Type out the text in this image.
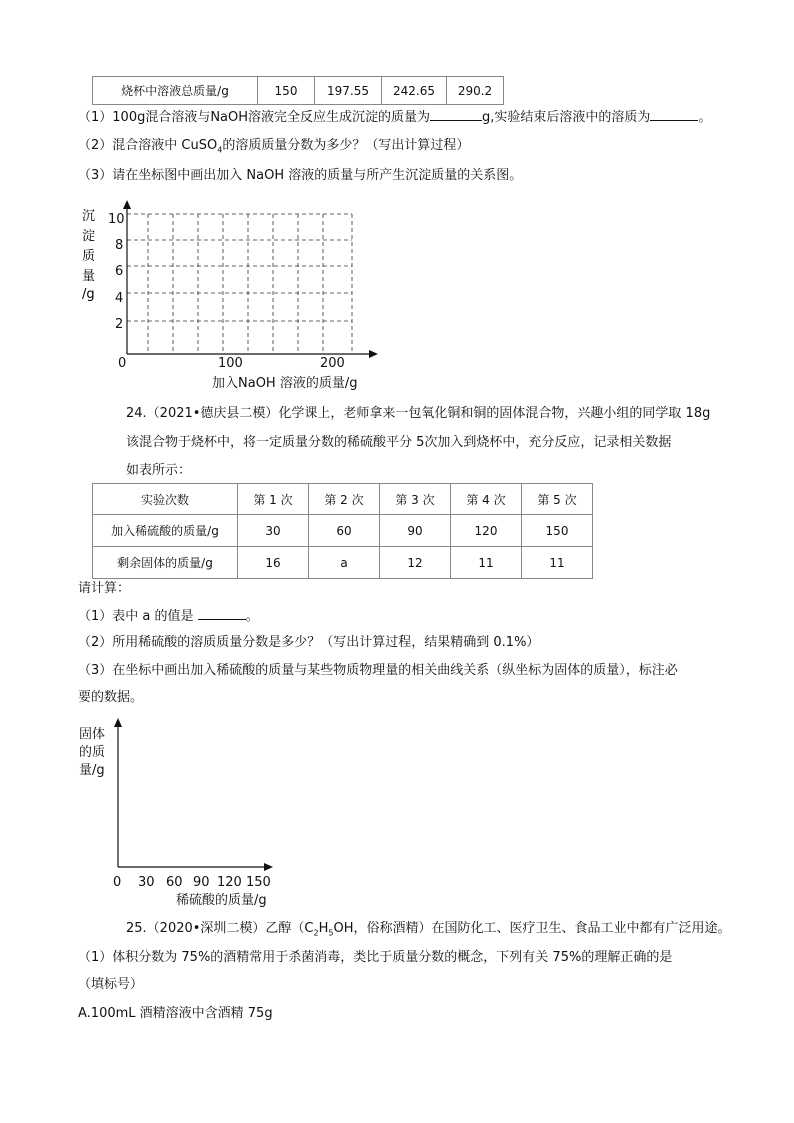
烧杯中溶液总质量/g	150	197.55	242.65	290.2
（1）100g混合溶液与NaOH溶液完全反应生成沉淀的质量为	g,实验结束后溶液中的溶质为	。
（2）混合溶液中 CuSO$_4$的溶质质量分数为多少？（写出计算过程）
（3）请在坐标图中画出加入 NaOH 溶液的质量与所产生沉淀质量的关系图。
沉
淀
质
量
/g
10
8
6
4
2
0	100	200
加入NaOH 溶液的质量/g
24.（2021•德庆县二模）化学课上，老师拿来一包氧化铜和铜的固体混合物，兴趣小组的同学取 18g
该混合物于烧杯中，将一定质量分数的稀硫酸平分 5次加入到烧杯中，充分反应，记录相关数据
如表所示：
实验次数	第 1 次	第 2 次	第 3 次	第 4 次	第 5 次
加入稀硫酸的质量/g	30	60	90	120	150
剩余固体的质量/g	16	a	12	11	11
请计算：
（1）表中 a 的值是	。
（2）所用稀硫酸的溶质质量分数是多少？（写出计算过程，结果精确到 0.1%）
（3）在坐标中画出加入稀硫酸的质量与某些物质物理量的相关曲线关系（纵坐标为固体的质量），标注必
要的数据。
固体
的质
量/g
0 30 60 90 120 150
稀硫酸的质量/g
25.（2020•深圳二模）乙醇（$C_2H_5OH$，俗称酒精）在国防化工、医疗卫生、食品工业中都有广泛用途。
（1）体积分数为 75%的酒精常用于杀菌消毒，类比于质量分数的概念，下列有关 75%的理解正确的是
（填标号）
A.100mL 酒精溶液中含酒精 75g
